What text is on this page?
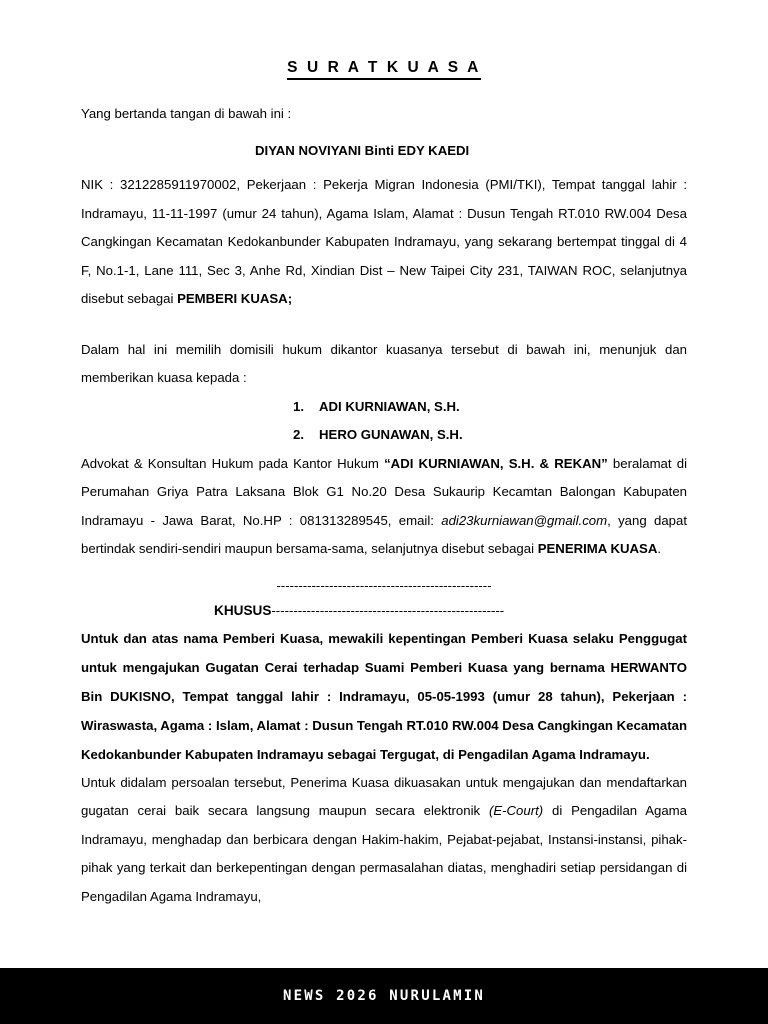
S U R A T K U A S A

Yang bertanda tangan di bawah ini :

DIYAN NOVIYANI Binti EDY KAEDI

NIK : 3212285911970002, Pekerjaan : Pekerja Migran Indonesia (PMI/TKI), Tempat tanggal lahir : Indramayu, 11-11-1997 (umur 24 tahun), Agama Islam, Alamat : Dusun Tengah RT.010 RW.004 Desa Cangkingan Kecamatan Kedokanbunder Kabupaten Indramayu, yang sekarang bertempat tinggal di 4 F, No.1-1, Lane 111, Sec 3, Anhe Rd, Xindian Dist – New Taipei City 231, TAIWAN ROC, selanjutnya disebut sebagai PEMBERI KUASA;

Dalam hal ini memilih domisili hukum dikantor kuasanya tersebut di bawah ini, menunjuk dan memberikan kuasa kepada :

1.	ADI KURNIAWAN, S.H.
2.	HERO GUNAWAN, S.H.

Advokat & Konsultan Hukum pada Kantor Hukum “ADI KURNIAWAN, S.H. & REKAN” beralamat di Perumahan Griya Patra Laksana Blok G1 No.20 Desa Sukaurip Kecamtan Balongan Kabupaten Indramayu - Jawa Barat, No.HP : 081313289545, email: adi23kurniawan@gmail.com, yang dapat bertindak sendiri-sendiri maupun bersama-sama, selanjutnya disebut sebagai PENERIMA KUASA.

-------------------------------------------------
KHUSUS-----------------------------------------------------

Untuk dan atas nama Pemberi Kuasa, mewakili kepentingan Pemberi Kuasa selaku Penggugat untuk mengajukan Gugatan Cerai terhadap Suami Pemberi Kuasa yang bernama HERWANTO Bin DUKISNO, Tempat tanggal lahir : Indramayu, 05-05-1993 (umur 28 tahun), Pekerjaan : Wiraswasta, Agama : Islam, Alamat : Dusun Tengah RT.010 RW.004 Desa Cangkingan Kecamatan Kedokanbunder Kabupaten Indramayu sebagai Tergugat, di Pengadilan Agama Indramayu.

Untuk didalam persoalan tersebut, Penerima Kuasa dikuasakan untuk mengajukan dan mendaftarkan gugatan cerai baik secara langsung maupun secara elektronik (E-Court) di Pengadilan Agama Indramayu, menghadap dan berbicara dengan Hakim-hakim, Pejabat-pejabat, Instansi-instansi, pihak-pihak yang terkait dan berkepentingan dengan permasalahan diatas, menghadiri setiap persidangan di Pengadilan Agama Indramayu,

NEWS 2026 NURULAMIN
